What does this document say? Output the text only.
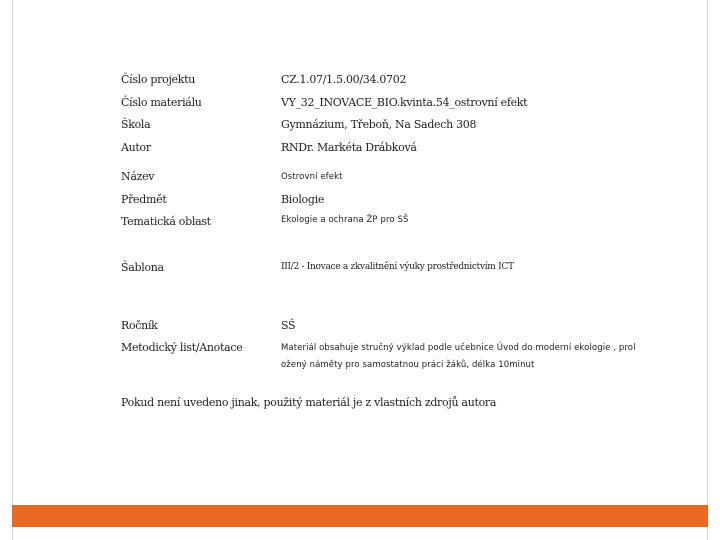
Číslo projektu	CZ.1.07/1.5.00/34.0702
Číslo materiálu	VY_32_INOVACE_BIO.kvinta.54_ostrovní efekt
Škola	Gymnázium, Třeboň, Na Sadech 308
Autor	RNDr. Markéta Drábková
Název	Ostrovní efekt
Předmět	Biologie
Tematická oblast	Ekologie a ochrana ŽP pro SŠ
Šablona	III/2 - Inovace a zkvalitnění výuky prostřednictvím ICT
Ročník	SŠ
Metodický list/Anotace	Materiál obsahuje stručný výklad podle učebnice Úvod do moderní ekologie , prol ožený náměty pro samostatnou práci žáků, délka 10minut
Pokud není uvedeno jinak, použitý materiál je z vlastních zdrojů autora
